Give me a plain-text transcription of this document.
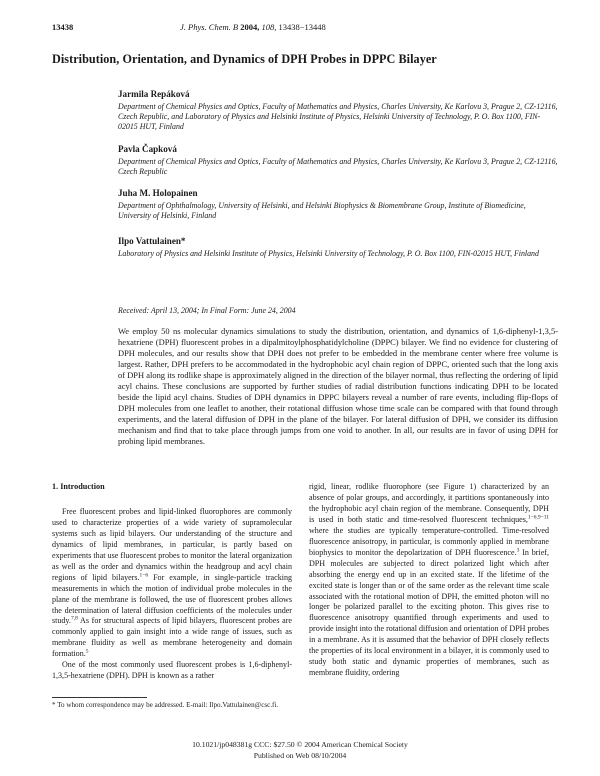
13438	J. Phys. Chem. B 2004, 108, 13438−13448
Distribution, Orientation, and Dynamics of DPH Probes in DPPC Bilayer
Jarmila Repáková
Department of Chemical Physics and Optics, Faculty of Mathematics and Physics, Charles University, Ke Karlovu 3, Prague 2, CZ-12116, Czech Republic, and Laboratory of Physics and Helsinki Institute of Physics, Helsinki University of Technology, P. O. Box 1100, FIN-02015 HUT, Finland
Pavla Čapková
Department of Chemical Physics and Optics, Faculty of Mathematics and Physics, Charles University, Ke Karlovu 3, Prague 2, CZ-12116, Czech Republic
Juha M. Holopainen
Department of Ophthalmology, University of Helsinki, and Helsinki Biophysics & Biomembrane Group, Institute of Biomedicine, University of Helsinki, Finland
Ilpo Vattulainen*
Laboratory of Physics and Helsinki Institute of Physics, Helsinki University of Technology, P. O. Box 1100, FIN-02015 HUT, Finland
Received: April 13, 2004; In Final Form: June 24, 2004
We employ 50 ns molecular dynamics simulations to study the distribution, orientation, and dynamics of 1,6-diphenyl-1,3,5-hexatriene (DPH) fluorescent probes in a dipalmitoylphosphatidylcholine (DPPC) bilayer. We find no evidence for clustering of DPH molecules, and our results show that DPH does not prefer to be embedded in the membrane center where free volume is largest. Rather, DPH prefers to be accommodated in the hydrophobic acyl chain region of DPPC, oriented such that the long axis of DPH along its rodlike shape is approximately aligned in the direction of the bilayer normal, thus reflecting the ordering of lipid acyl chains. These conclusions are supported by further studies of radial distribution functions indicating DPH to be located beside the lipid acyl chains. Studies of DPH dynamics in DPPC bilayers reveal a number of rare events, including flip-flops of DPH molecules from one leaflet to another, their rotational diffusion whose time scale can be compared with that found through experiments, and the lateral diffusion of DPH in the plane of the bilayer. For lateral diffusion of DPH, we consider its diffusion mechanism and find that to take place through jumps from one void to another. In all, our results are in favor of using DPH for probing lipid membranes.
1. Introduction

Free fluorescent probes and lipid-linked fluorophores are commonly used to characterize properties of a wide variety of supramolecular systems such as lipid bilayers. Our understanding of the structure and dynamics of lipid membranes, in particular, is partly based on experiments that use fluorescent probes to monitor the lateral organization as well as the order and dynamics within the headgroup and acyl chain regions of lipid bilayers.$^{1-6}$ For example, in single-particle tracking measurements in which the motion of individual probe molecules in the plane of the membrane is followed, the use of fluorescent probes allows the determination of lateral diffusion coefficients of the molecules under study.$^{7,8}$ As for structural aspects of lipid bilayers, fluorescent probes are commonly applied to gain insight into a wide range of issues, such as membrane fluidity as well as membrane heterogeneity and domain formation.$^5$

One of the most commonly used fluorescent probes is 1,6-diphenyl-1,3,5-hexatriene (DPH). DPH is known as a rather

rigid, linear, rodlike fluorophore (see Figure 1) characterized by an absence of polar groups, and accordingly, it partitions spontaneously into the hydrophobic acyl chain region of the membrane. Consequently, DPH is used in both static and time-resolved fluorescent techniques,$^{1-6,9-11}$ where the studies are typically temperature-controlled. Time-resolved fluorescence anisotropy, in particular, is commonly applied in membrane biophysics to monitor the depolarization of DPH fluorescence.$^3$ In brief, DPH molecules are subjected to direct polarized light which after absorbing the energy end up in an excited state. If the lifetime of the excited state is longer than or of the same order as the relevant time scale associated with the rotational motion of DPH, the emitted photon will no longer be polarized parallel to the exciting photon. This gives rise to fluorescence anisotropy quantified through experiments and used to provide insight into the rotational diffusion and orientation of DPH probes in a membrane. As it is assumed that the behavior of DPH closely reflects the properties of its local environment in a bilayer, it is commonly used to study both static and dynamic properties of membranes, such as membrane fluidity, ordering

* To whom correspondence may be addressed. E-mail: Ilpo.Vattulainen@csc.fi.
10.1021/jp048381g CCC: $27.50 © 2004 American Chemical Society
Published on Web 08/10/2004
